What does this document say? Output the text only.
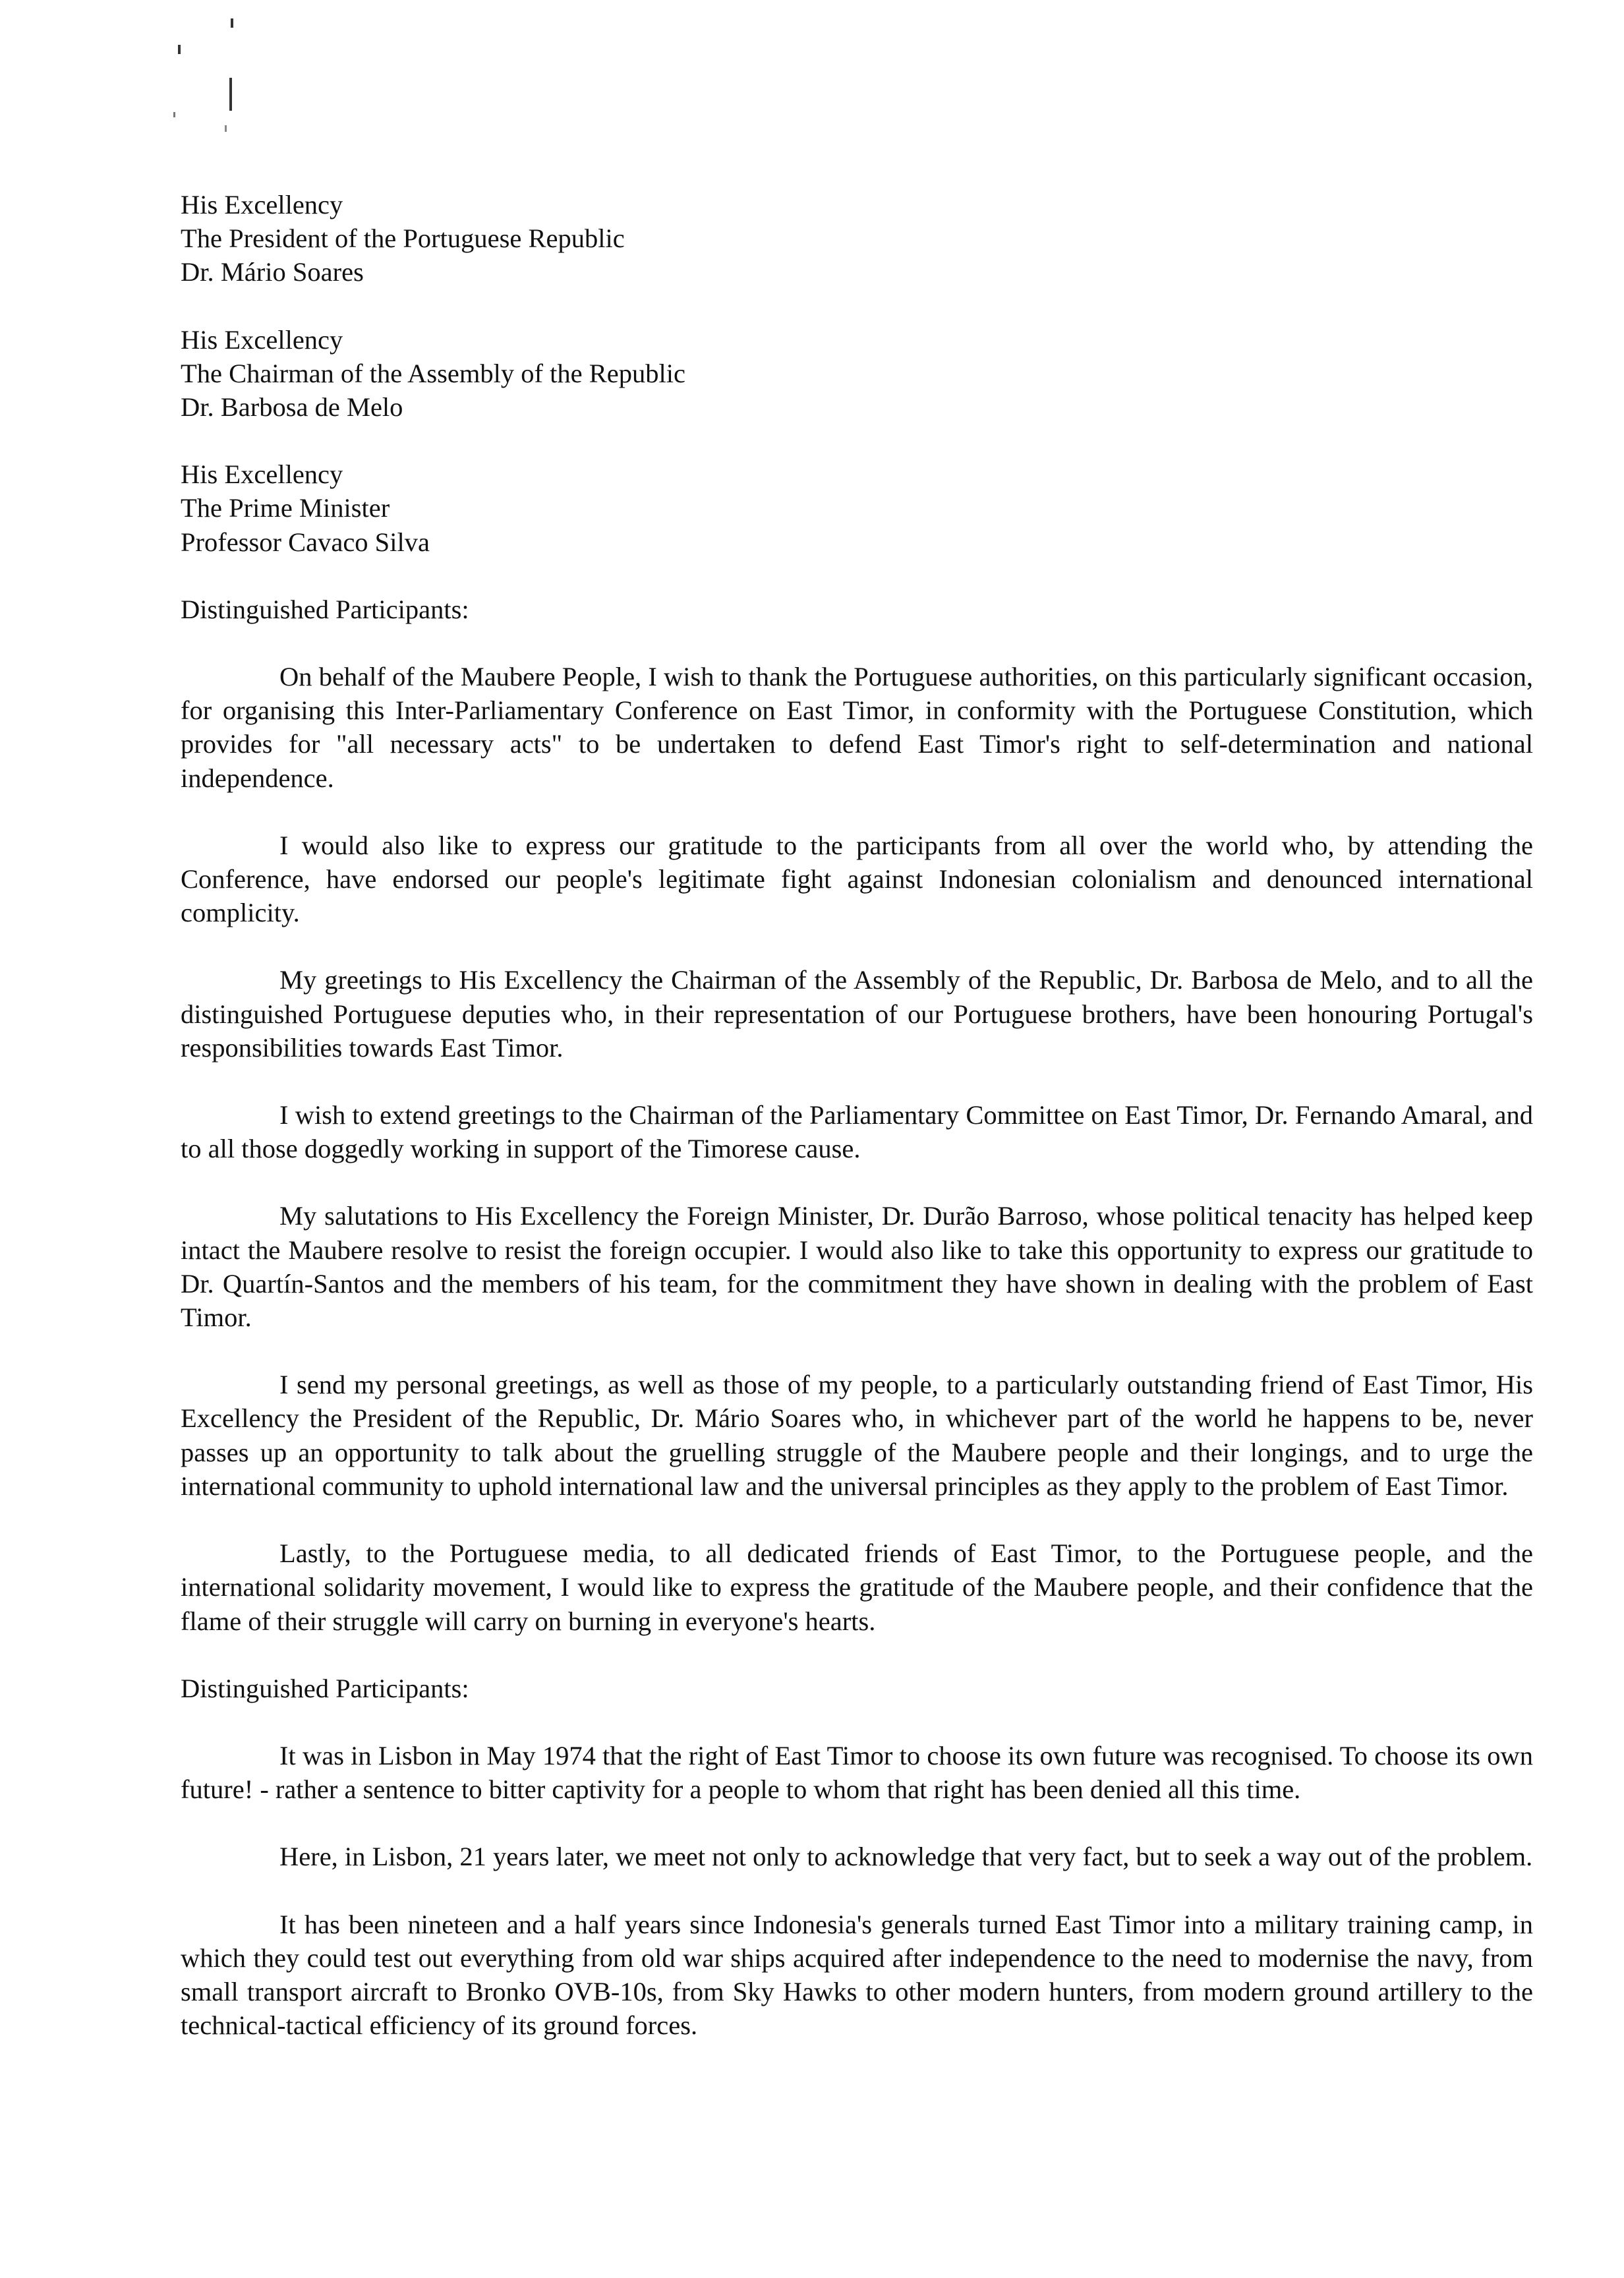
His Excellency
The President of the Portuguese Republic
Dr. Mário Soares
His Excellency
The Chairman of the Assembly of the Republic
Dr. Barbosa de Melo
His Excellency
The Prime Minister
Professor Cavaco Silva
Distinguished Participants:

On behalf of the Maubere People, I wish to thank the Portuguese authorities, on this particularly significant occasion, for organising this Inter-Parliamentary Conference on East Timor, in conformity with the Portuguese Constitution, which provides for "all necessary acts" to be undertaken to defend East Timor's right to self-determination and national independence.

I would also like to express our gratitude to the participants from all over the world who, by attending the Conference, have endorsed our people's legitimate fight against Indonesian colonialism and denounced international complicity.

My greetings to His Excellency the Chairman of the Assembly of the Republic, Dr. Barbosa de Melo, and to all the distinguished Portuguese deputies who, in their representation of our Portuguese brothers, have been honouring Portugal's responsibilities towards East Timor.

I wish to extend greetings to the Chairman of the Parliamentary Committee on East Timor, Dr. Fernando Amaral, and to all those doggedly working in support of the Timorese cause.

My salutations to His Excellency the Foreign Minister, Dr. Durão Barroso, whose political tenacity has helped keep intact the Maubere resolve to resist the foreign occupier. I would also like to take this opportunity to express our gratitude to Dr. Quartín-Santos and the members of his team, for the commitment they have shown in dealing with the problem of East Timor.

I send my personal greetings, as well as those of my people, to a particularly outstanding friend of East Timor, His Excellency the President of the Republic, Dr. Mário Soares who, in whichever part of the world he happens to be, never passes up an opportunity to talk about the gruelling struggle of the Maubere people and their longings, and to urge the international community to uphold international law and the universal principles as they apply to the problem of East Timor.

Lastly, to the Portuguese media, to all dedicated friends of East Timor, to the Portuguese people, and the international solidarity movement, I would like to express the gratitude of the Maubere people, and their confidence that the flame of their struggle will carry on burning in everyone's hearts.

Distinguished Participants:

It was in Lisbon in May 1974 that the right of East Timor to choose its own future was recognised. To choose its own future! - rather a sentence to bitter captivity for a people to whom that right has been denied all this time.

Here, in Lisbon, 21 years later, we meet not only to acknowledge that very fact, but to seek a way out of the problem.

It has been nineteen and a half years since Indonesia's generals turned East Timor into a military training camp, in which they could test out everything from old war ships acquired after independence to the need to modernise the navy, from small transport aircraft to Bronko OVB-10s, from Sky Hawks to other modern hunters, from modern ground artillery to the technical-tactical efficiency of its ground forces.
